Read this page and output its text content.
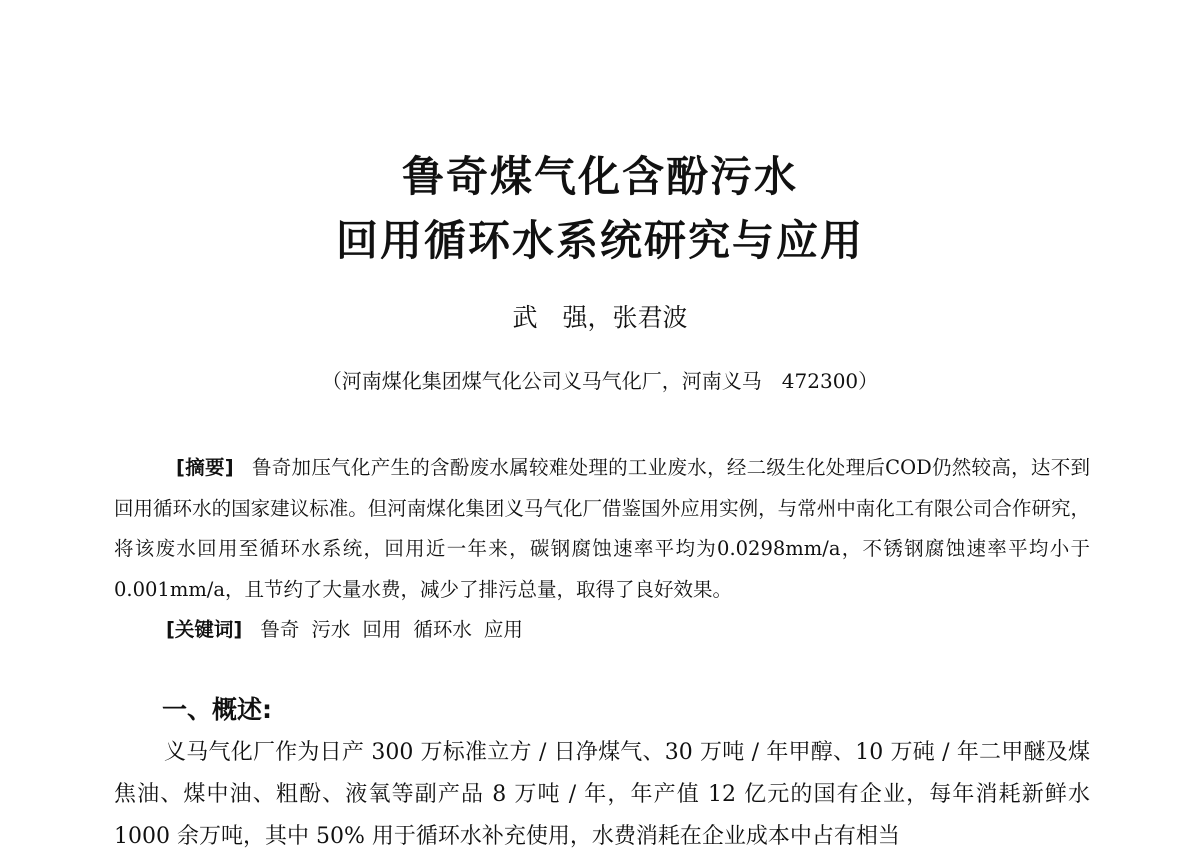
鲁奇煤气化含酚污水
回用循环水系统研究与应用
武　强，张君波
（河南煤化集团煤气化公司义马气化厂，河南义马　472300）

[摘要] 鲁奇加压气化产生的含酚废水属较难处理的工业废水，经二级生化处理后COD仍然较高，达不到回用循环水的国家建议标准。但河南煤化集团义马气化厂借鉴国外应用实例，与常州中南化工有限公司合作研究，将该废水回用至循环水系统，回用近一年来，碳钢腐蚀速率平均为0.0298mm/a，不锈钢腐蚀速率平均小于0.001mm/a，且节约了大量水费，减少了排污总量，取得了良好效果。

[关键词] 鲁奇 污水 回用 循环水 应用

一、概述:

义马气化厂作为日产 300 万标准立方 / 日净煤气、30 万吨 / 年甲醇、10 万砘 / 年二甲醚及煤焦油、煤中油、粗酚、液氧等副产品 8 万吨 / 年，年产值 12 亿元的国有企业，每年消耗新鲜水 1000 余万吨，其中 50% 用于循环水补充使用，水费消耗在企业成本中占有相当
